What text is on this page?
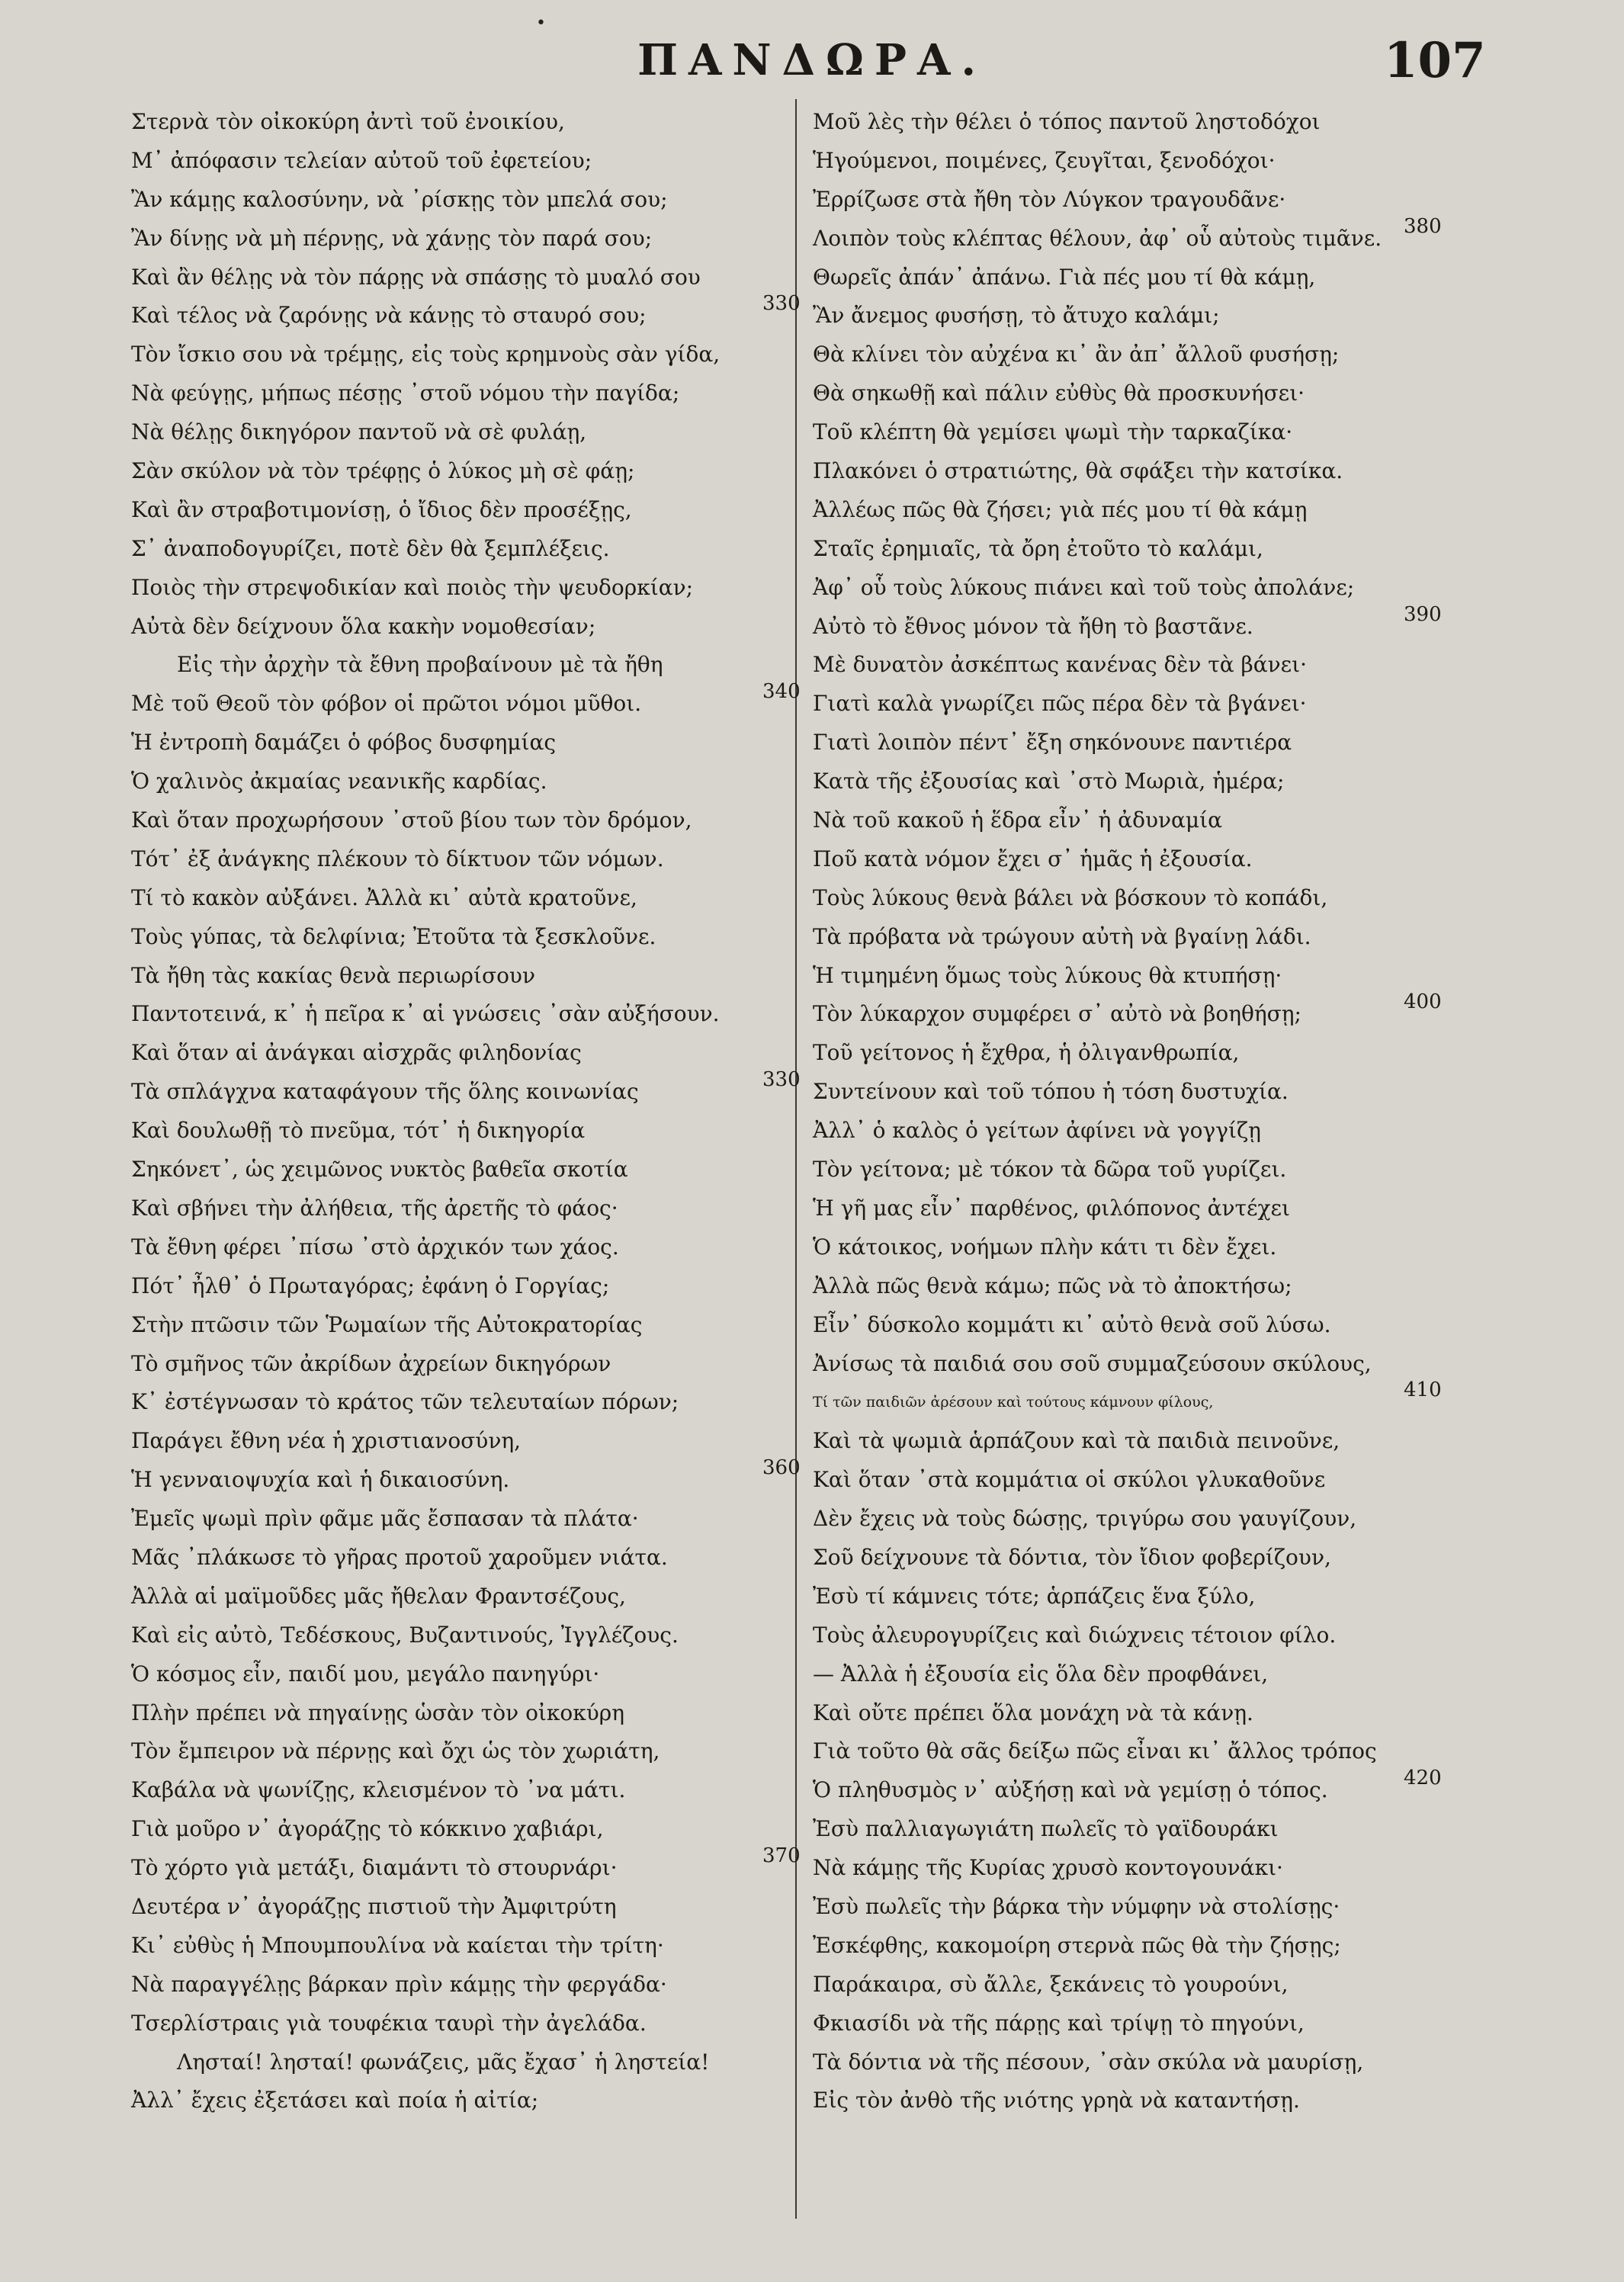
•
ΠΑΝΔΩΡΑ.	107
Στερνὰ τὸν οἰκοκύρη ἀντὶ τοῦ ἐνοικίου,
Μ᾽ ἀπόφασιν τελείαν αὐτοῦ τοῦ ἐφετείου;
Ἂν κάμῃς καλοσύνην, νὰ ᾽ρίσκῃς τὸν μπελά σου;
Ἂν δίνῃς νὰ μὴ πέρνῃς, νὰ χάνῃς τὸν παρά σου;
Καὶ ἂν θέλῃς νὰ τὸν πάρῃς νὰ σπάσῃς τὸ μυαλό σου
Καὶ τέλος νὰ ζαρόνῃς νὰ κάνῃς τὸ σταυρό σου;	330
Τὸν ἴσκιο σου νὰ τρέμῃς, εἰς τοὺς κρημνοὺς σὰν γίδα,
Νὰ φεύγῃς, μήπως πέσῃς ᾽στοῦ νόμου τὴν παγίδα;
Νὰ θέλῃς δικηγόρον παντοῦ νὰ σὲ φυλάῃ,
Σὰν σκύλον νὰ τὸν τρέφῃς ὁ λύκος μὴ σὲ φάῃ;
Καὶ ἂν στραβοτιμονίσῃ, ὁ ἴδιος δὲν προσέξῃς,
Σ᾽ ἀναποδογυρίζει, ποτὲ δὲν θὰ ξεμπλέξεις.
Ποιὸς τὴν στρεψοδικίαν καὶ ποιὸς τὴν ψευδορκίαν;
Αὐτὰ δὲν δείχνουν ὅλα κακὴν νομοθεσίαν;
Εἰς τὴν ἀρχὴν τὰ ἔθνη προβαίνουν μὲ τὰ ἤθη
Μὲ τοῦ Θεοῦ τὸν φόβον οἱ πρῶτοι νόμοι μῦθοι.	340
Ἡ ἐντροπὴ δαμάζει ὁ φόβος δυσφημίας
Ὁ χαλινὸς ἀκμαίας νεανικῆς καρδίας.
Καὶ ὅταν προχωρήσουν ᾽στοῦ βίου των τὸν δρόμον,
Τότ᾽ ἐξ ἀνάγκης πλέκουν τὸ δίκτυον τῶν νόμων.
Τί τὸ κακὸν αὐξάνει. Ἀλλὰ κι᾽ αὐτὰ κρατοῦνε,
Τοὺς γύπας, τὰ δελφίνια; Ἐτοῦτα τὰ ξεσκλοῦνε.
Τὰ ἤθη τὰς κακίας θενὰ περιωρίσουν
Παντοτεινά, κ᾽ ἡ πεῖρα κ᾽ αἱ γνώσεις ᾽σὰν αὐξήσουν.
Καὶ ὅταν αἱ ἀνάγκαι αἰσχρᾶς φιληδονίας
Τὰ σπλάγχνα καταφάγουν τῆς ὅλης κοινωνίας	330
Καὶ δουλωθῇ τὸ πνεῦμα, τότ᾽ ἡ δικηγορία
Σηκόνετ᾽, ὡς χειμῶνος νυκτὸς βαθεῖα σκοτία
Καὶ σβήνει τὴν ἀλήθεια, τῆς ἀρετῆς τὸ φάος·
Τὰ ἔθνη φέρει ᾽πίσω ᾽στὸ ἀρχικόν των χάος.
Πότ᾽ ἦλθ᾽ ὁ Πρωταγόρας; ἐφάνη ὁ Γοργίας;
Στὴν πτῶσιν τῶν Ῥωμαίων τῆς Αὐτοκρατορίας
Τὸ σμῆνος τῶν ἀκρίδων ἀχρείων δικηγόρων
Κ᾽ ἐστέγνωσαν τὸ κράτος τῶν τελευταίων πόρων;
Παράγει ἔθνη νέα ἡ χριστιανοσύνη,
Ἡ γενναιοψυχία καὶ ἡ δικαιοσύνη.	360
Ἐμεῖς ψωμὶ πρὶν φᾶμε μᾶς ἔσπασαν τὰ πλάτα·
Μᾶς ᾽πλάκωσε τὸ γῆρας προτοῦ χαροῦμεν νιάτα.
Ἀλλὰ αἱ μαϊμοῦδες μᾶς ἤθελαν Φραντσέζους,
Καὶ εἰς αὐτὸ, Τεδέσκους, Βυζαντινούς, Ἰγγλέζους.
Ὁ κόσμος εἶν, παιδί μου, μεγάλο πανηγύρι·
Πλὴν πρέπει νὰ πηγαίνῃς ὡσὰν τὸν οἰκοκύρη
Τὸν ἔμπειρον νὰ πέρνῃς καὶ ὄχι ὡς τὸν χωριάτη,
Καβάλα νὰ ψωνίζῃς, κλεισμένον τὸ ᾽να μάτι.
Γιὰ μοῦρο ν᾽ ἀγοράζῃς τὸ κόκκινο χαβιάρι,
Τὸ χόρτο γιὰ μετάξι, διαμάντι τὸ στουρνάρι·	370
Δευτέρα ν᾽ ἀγοράζῃς πιστιοῦ τὴν Ἀμφιτρύτη
Κι᾽ εὐθὺς ἡ Μπουμπουλίνα νὰ καίεται τὴν τρίτη·
Νὰ παραγγέλῃς βάρκαν πρὶν κάμῃς τὴν φεργάδα·
Τσερλίστραις γιὰ τουφέκια ταυρὶ τὴν ἀγελάδα.
Λησταί! λησταί! φωνάζεις, μᾶς ἔχασ᾽ ἡ ληστεία!
Ἀλλ᾽ ἔχεις ἐξετάσει καὶ ποία ἡ αἰτία;
Μοῦ λὲς τὴν θέλει ὁ τόπος παντοῦ ληστοδόχοι
Ἡγούμενοι, ποιμένες, ζευγῖται, ξενοδόχοι·
Ἐρρίζωσε στὰ ἤθη τὸν Λύγκον τραγουδᾶνε·
Λοιπὸν τοὺς κλέπτας θέλουν, ἀφ᾽ οὗ αὐτοὺς τιμᾶνε. 380
Θωρεῖς ἀπάν᾽ ἀπάνω. Γιὰ πές μου τί θὰ κάμῃ,
Ἂν ἄνεμος φυσήσῃ, τὸ ἄτυχο καλάμι;
Θὰ κλίνει τὸν αὐχένα κι᾽ ἂν ἀπ᾽ ἄλλοῦ φυσήσῃ;
Θὰ σηκωθῇ καὶ πάλιν εὐθὺς θὰ προσκυνήσει·
Τοῦ κλέπτη θὰ γεμίσει ψωμὶ τὴν ταρκαζίκα·
Πλακόνει ὁ στρατιώτης, θὰ σφάξει τὴν κατσίκα.
Ἀλλέως πῶς θὰ ζήσει; γιὰ πές μου τί θὰ κάμῃ
Σταῖς ἐρημιαῖς, τὰ ὄρη ἐτοῦτο τὸ καλάμι,
Ἀφ᾽ οὗ τοὺς λύκους πιάνει καὶ τοῦ τοὺς ἀπολάνε;
Αὐτὸ τὸ ἔθνος μόνον τὰ ἤθη τὸ βαστᾶνε.	390
Μὲ δυνατὸν ἀσκέπτως κανένας δὲν τὰ βάνει·
Γιατὶ καλὰ γνωρίζει πῶς πέρα δὲν τὰ βγάνει·
Γιατὶ λοιπὸν πέντ᾽ ἔξη σηκόνουνε παντιέρα
Κατὰ τῆς ἐξουσίας καὶ ᾽στὸ Μωριὰ, ἡμέρα;
Νὰ τοῦ κακοῦ ἡ ἕδρα εἶν᾽ ἡ ἀδυναμία
Ποῦ κατὰ νόμον ἔχει σ᾽ ἡμᾶς ἡ ἐξουσία.
Τοὺς λύκους θενὰ βάλει νὰ βόσκουν τὸ κοπάδι,
Τὰ πρόβατα νὰ τρώγουν αὐτὴ νὰ βγαίνῃ λάδι.
Ἡ τιμημένη ὅμως τοὺς λύκους θὰ κτυπήσῃ·
Τὸν λύκαρχον συμφέρει σ᾽ αὐτὸ νὰ βοηθήσῃ;	400
Τοῦ γείτονος ἡ ἔχθρα, ἡ ὀλιγανθρωπία,
Συντείνουν καὶ τοῦ τόπου ἡ τόση δυστυχία.
Ἀλλ᾽ ὁ καλὸς ὁ γείτων ἀφίνει νὰ γογγίζῃ
Τὸν γείτονα; μὲ τόκον τὰ δῶρα τοῦ γυρίζει.
Ἡ γῆ μας εἶν᾽ παρθένος, φιλόπονος ἀντέχει
Ὁ κάτοικος, νοήμων πλὴν κάτι τι δὲν ἔχει.
Ἀλλὰ πῶς θενὰ κάμω; πῶς νὰ τὸ ἀποκτήσω;
Εἶν᾽ δύσκολο κομμάτι κι᾽ αὐτὸ θενὰ σοῦ λύσω.
Ἀνίσως τὰ παιδιά σου σοῦ συμμαζεύσουν σκύλους,
Τί τῶν παιδιῶν ἀρέσουν καὶ τούτους κάμνουν φίλους,
410
Καὶ τὰ ψωμιὰ ἁρπάζουν καὶ τὰ παιδιὰ πεινοῦνε,
Καὶ ὅταν ᾽στὰ κομμάτια οἱ σκύλοι γλυκαθοῦνε
Δὲν ἔχεις νὰ τοὺς δώσῃς, τριγύρω σου γαυγίζουν,
Σοῦ δείχνουνε τὰ δόντια, τὸν ἴδιον φοβερίζουν,
Ἐσὺ τί κάμνεις τότε; ἁρπάζεις ἕνα ξύλο,
Τοὺς ἀλευρογυρίζεις καὶ διώχνεις τέτοιον φίλο.
— Ἀλλὰ ἡ ἐξουσία εἰς ὅλα δὲν προφθάνει,
Καὶ οὔτε πρέπει ὅλα μονάχη νὰ τὰ κάνῃ.
Γιὰ τοῦτο θὰ σᾶς δείξω πῶς εἶναι κι᾽ ἄλλος τρόπος
Ὁ πληθυσμὸς ν᾽ αὐξήσῃ καὶ νὰ γεμίσῃ ὁ τόπος.	420
Ἐσὺ παλλιαγωγιάτη πωλεῖς τὸ γαϊδουράκι
Νὰ κάμῃς τῆς Κυρίας χρυσὸ κοντογουνάκι·
Ἐσὺ πωλεῖς τὴν βάρκα τὴν νύμφην νὰ στολίσῃς·
Ἐσκέφθης, κακομοίρη στερνὰ πῶς θὰ τὴν ζήσῃς;
Παράκαιρα, σὺ ἄλλε, ξεκάνεις τὸ γουρούνι,
Φκιασίδι νὰ τῆς πάρῃς καὶ τρίψῃ τὸ πηγούνι,
Τὰ δόντια νὰ τῆς πέσουν, ᾽σὰν σκύλα νὰ μαυρίσῃ,
Εἰς τὸν ἀνθὸ τῆς νιότης γρηὰ νὰ καταντήσῃ.
